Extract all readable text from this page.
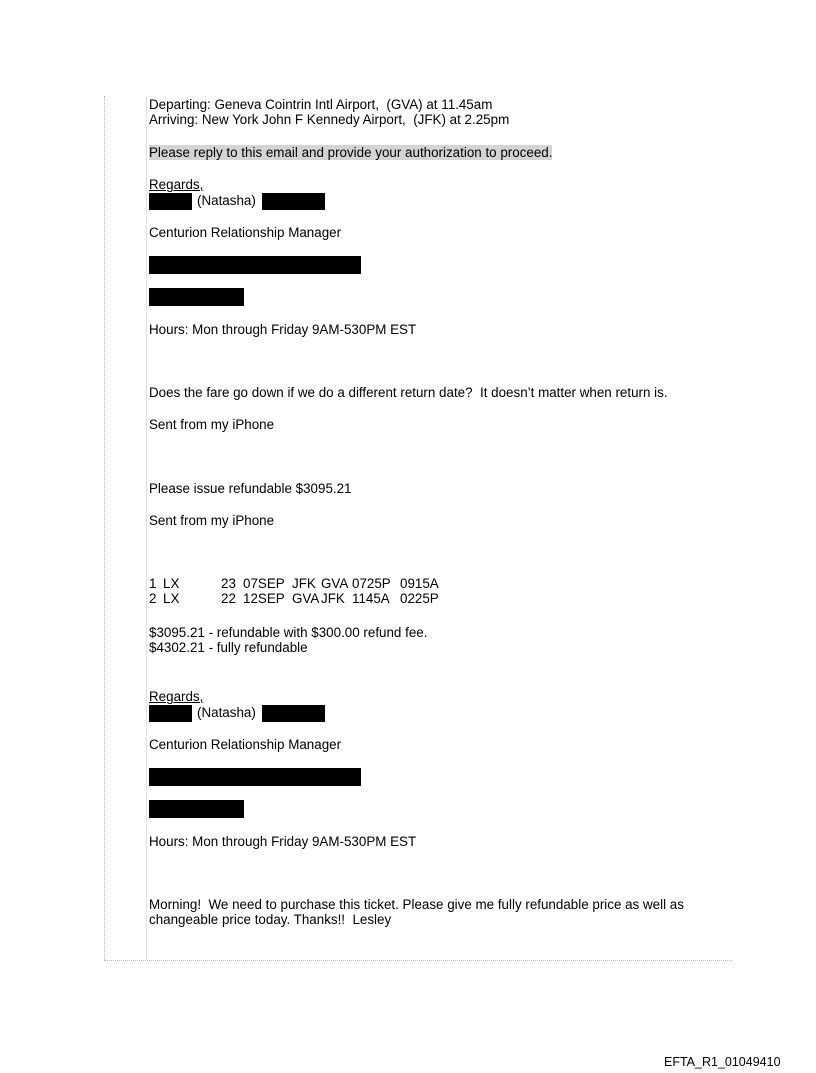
Departing: Geneva Cointrin Intl Airport,  (GVA) at 11.45am
Arriving: New York John F Kennedy Airport,  (JFK) at 2.25pm
Please reply to this email and provide your authorization to proceed.
Regards,
(Natasha)
Centurion Relationship Manager
Hours: Mon through Friday 9AM-530PM EST
Does the fare go down if we do a different return date?  It doesn’t matter when return is.
Sent from my iPhone
Please issue refundable $3095.21
Sent from my iPhone
1 LX	23 07SEP JFK GVA 0725P 0915A
2 LX	22 12SEP GVA JFK 1145A 0225P
$3095.21 - refundable with $300.00 refund fee.
$4302.21 - fully refundable
Regards,
(Natasha)
Centurion Relationship Manager
Hours: Mon through Friday 9AM-530PM EST
Morning!  We need to purchase this ticket. Please give me fully refundable price as well as
changeable price today. Thanks!!  Lesley
EFTA_R1_01049410
